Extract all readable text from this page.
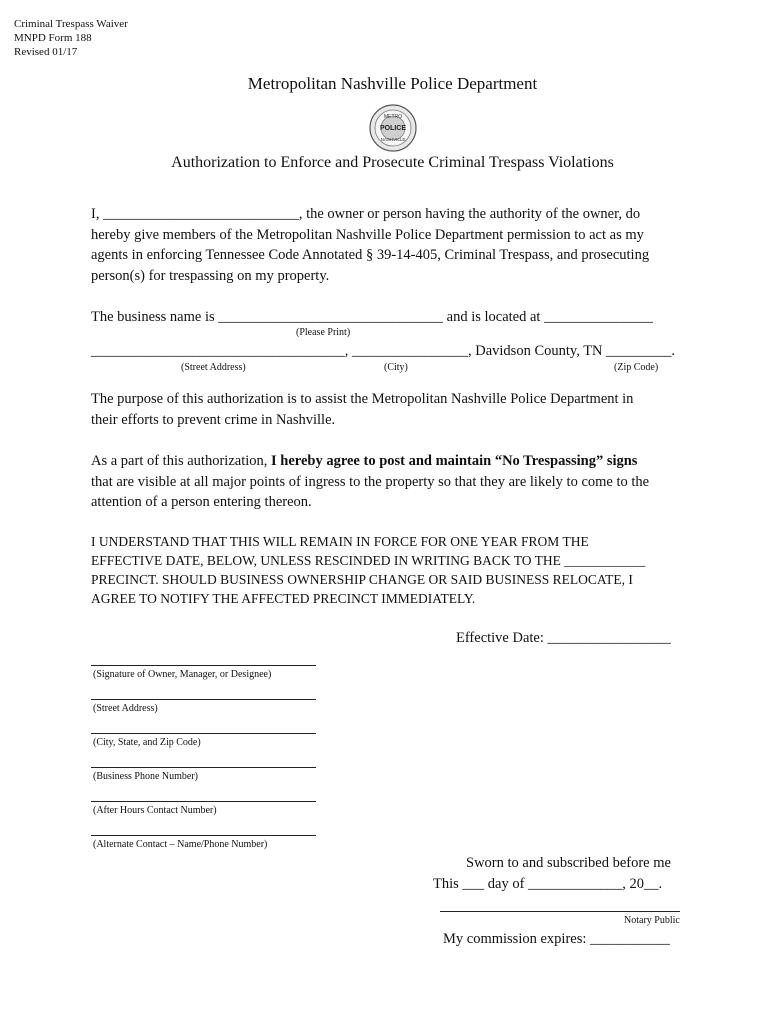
Criminal Trespass Waiver
MNPD Form 188
Revised 01/17
Metropolitan Nashville Police Department
METRO
POLICE
NASHVILLE
Authorization to Enforce and Prosecute Criminal Trespass Violations
I, ___________________________, the owner or person having the authority of the owner, do
hereby give members of the Metropolitan Nashville Police Department permission to act as my
agents in enforcing Tennessee Code Annotated § 39-14-405, Criminal Trespass, and prosecuting
person(s) for trespassing on my property.
The business name is _______________________________ and is located at _______________
(Please Print)
___________________________________, ________________, Davidson County, TN _________.
(Street Address)	(City)	(Zip Code)
The purpose of this authorization is to assist the Metropolitan Nashville Police Department in
their efforts to prevent crime in Nashville.
As a part of this authorization, I hereby agree to post and maintain “No Trespassing” signs
that are visible at all major points of ingress to the property so that they are likely to come to the
attention of a person entering thereon.
I UNDERSTAND THAT THIS WILL REMAIN IN FORCE FOR ONE YEAR FROM THE
EFFECTIVE DATE, BELOW, UNLESS RESCINDED IN WRITING BACK TO THE ____________
PRECINCT. SHOULD BUSINESS OWNERSHIP CHANGE OR SAID BUSINESS RELOCATE, I
AGREE TO NOTIFY THE AFFECTED PRECINCT IMMEDIATELY.
Effective Date: _________________
(Signature of Owner, Manager, or Designee)
(Street Address)
(City, State, and Zip Code)
(Business Phone Number)
(After Hours Contact Number)
(Alternate Contact – Name/Phone Number)
Sworn to and subscribed before me
This ___ day of _____________, 20__.
Notary Public
My commission expires: ___________
